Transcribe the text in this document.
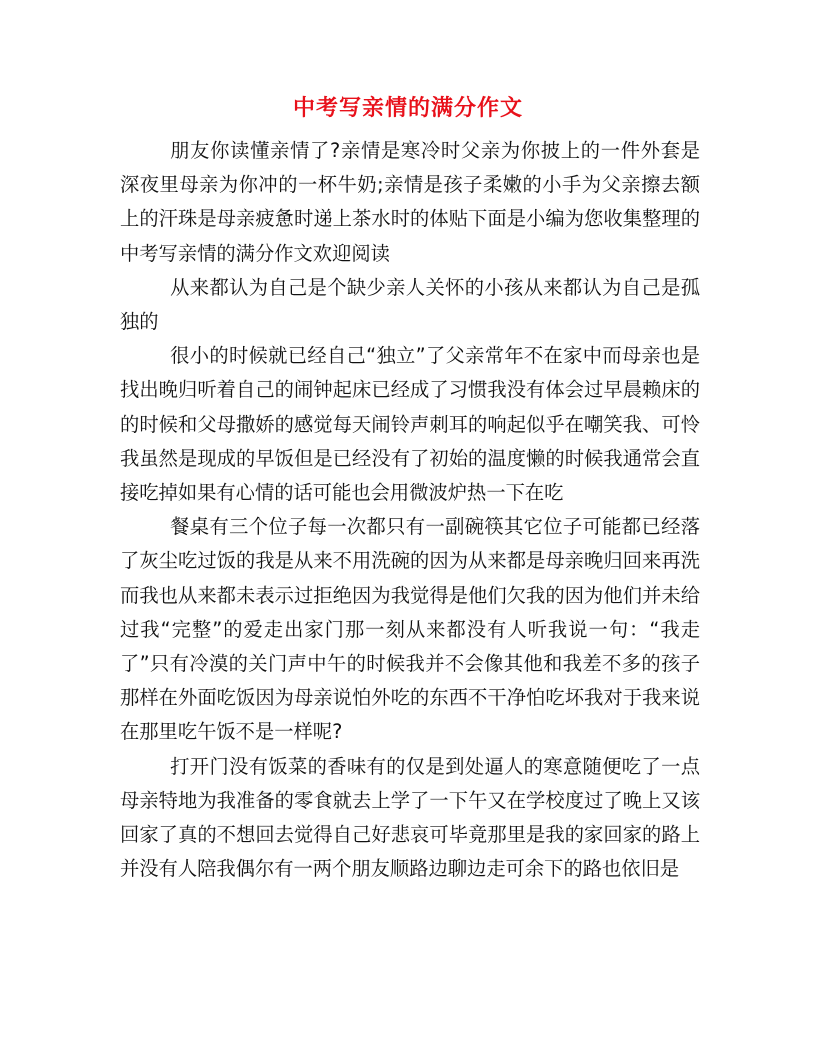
中考写亲情的满分作文

朋友你读懂亲情了?亲情是寒冷时父亲为你披上的一件外套是深夜里母亲为你冲的一杯牛奶;亲情是孩子柔嫩的小手为父亲擦去额上的汗珠是母亲疲惫时递上茶水时的体贴下面是小编为您收集整理的中考写亲情的满分作文欢迎阅读

从来都认为自己是个缺少亲人关怀的小孩从来都认为自己是孤独的

很小的时候就已经自己“独立”了父亲常年不在家中而母亲也是找出晚归听着自己的闹钟起床已经成了习惯我没有体会过早晨赖床的的时候和父母撒娇的感觉每天闹铃声刺耳的响起似乎在嘲笑我、可怜我虽然是现成的早饭但是已经没有了初始的温度懒的时候我通常会直接吃掉如果有心情的话可能也会用微波炉热一下在吃

餐桌有三个位子每一次都只有一副碗筷其它位子可能都已经落了灰尘吃过饭的我是从来不用洗碗的因为从来都是母亲晚归回来再洗而我也从来都未表示过拒绝因为我觉得是他们欠我的因为他们并未给过我“完整”的爱走出家门那一刻从来都没有人听我说一句：“我走了”只有冷漠的关门声中午的时候我并不会像其他和我差不多的孩子那样在外面吃饭因为母亲说怕外吃的东西不干净怕吃坏我对于我来说在那里吃午饭不是一样呢?

打开门没有饭菜的香味有的仅是到处逼人的寒意随便吃了一点母亲特地为我准备的零食就去上学了一下午又在学校度过了晚上又该回家了真的不想回去觉得自己好悲哀可毕竟那里是我的家回家的路上并没有人陪我偶尔有一两个朋友顺路边聊边走可余下的路也依旧是
